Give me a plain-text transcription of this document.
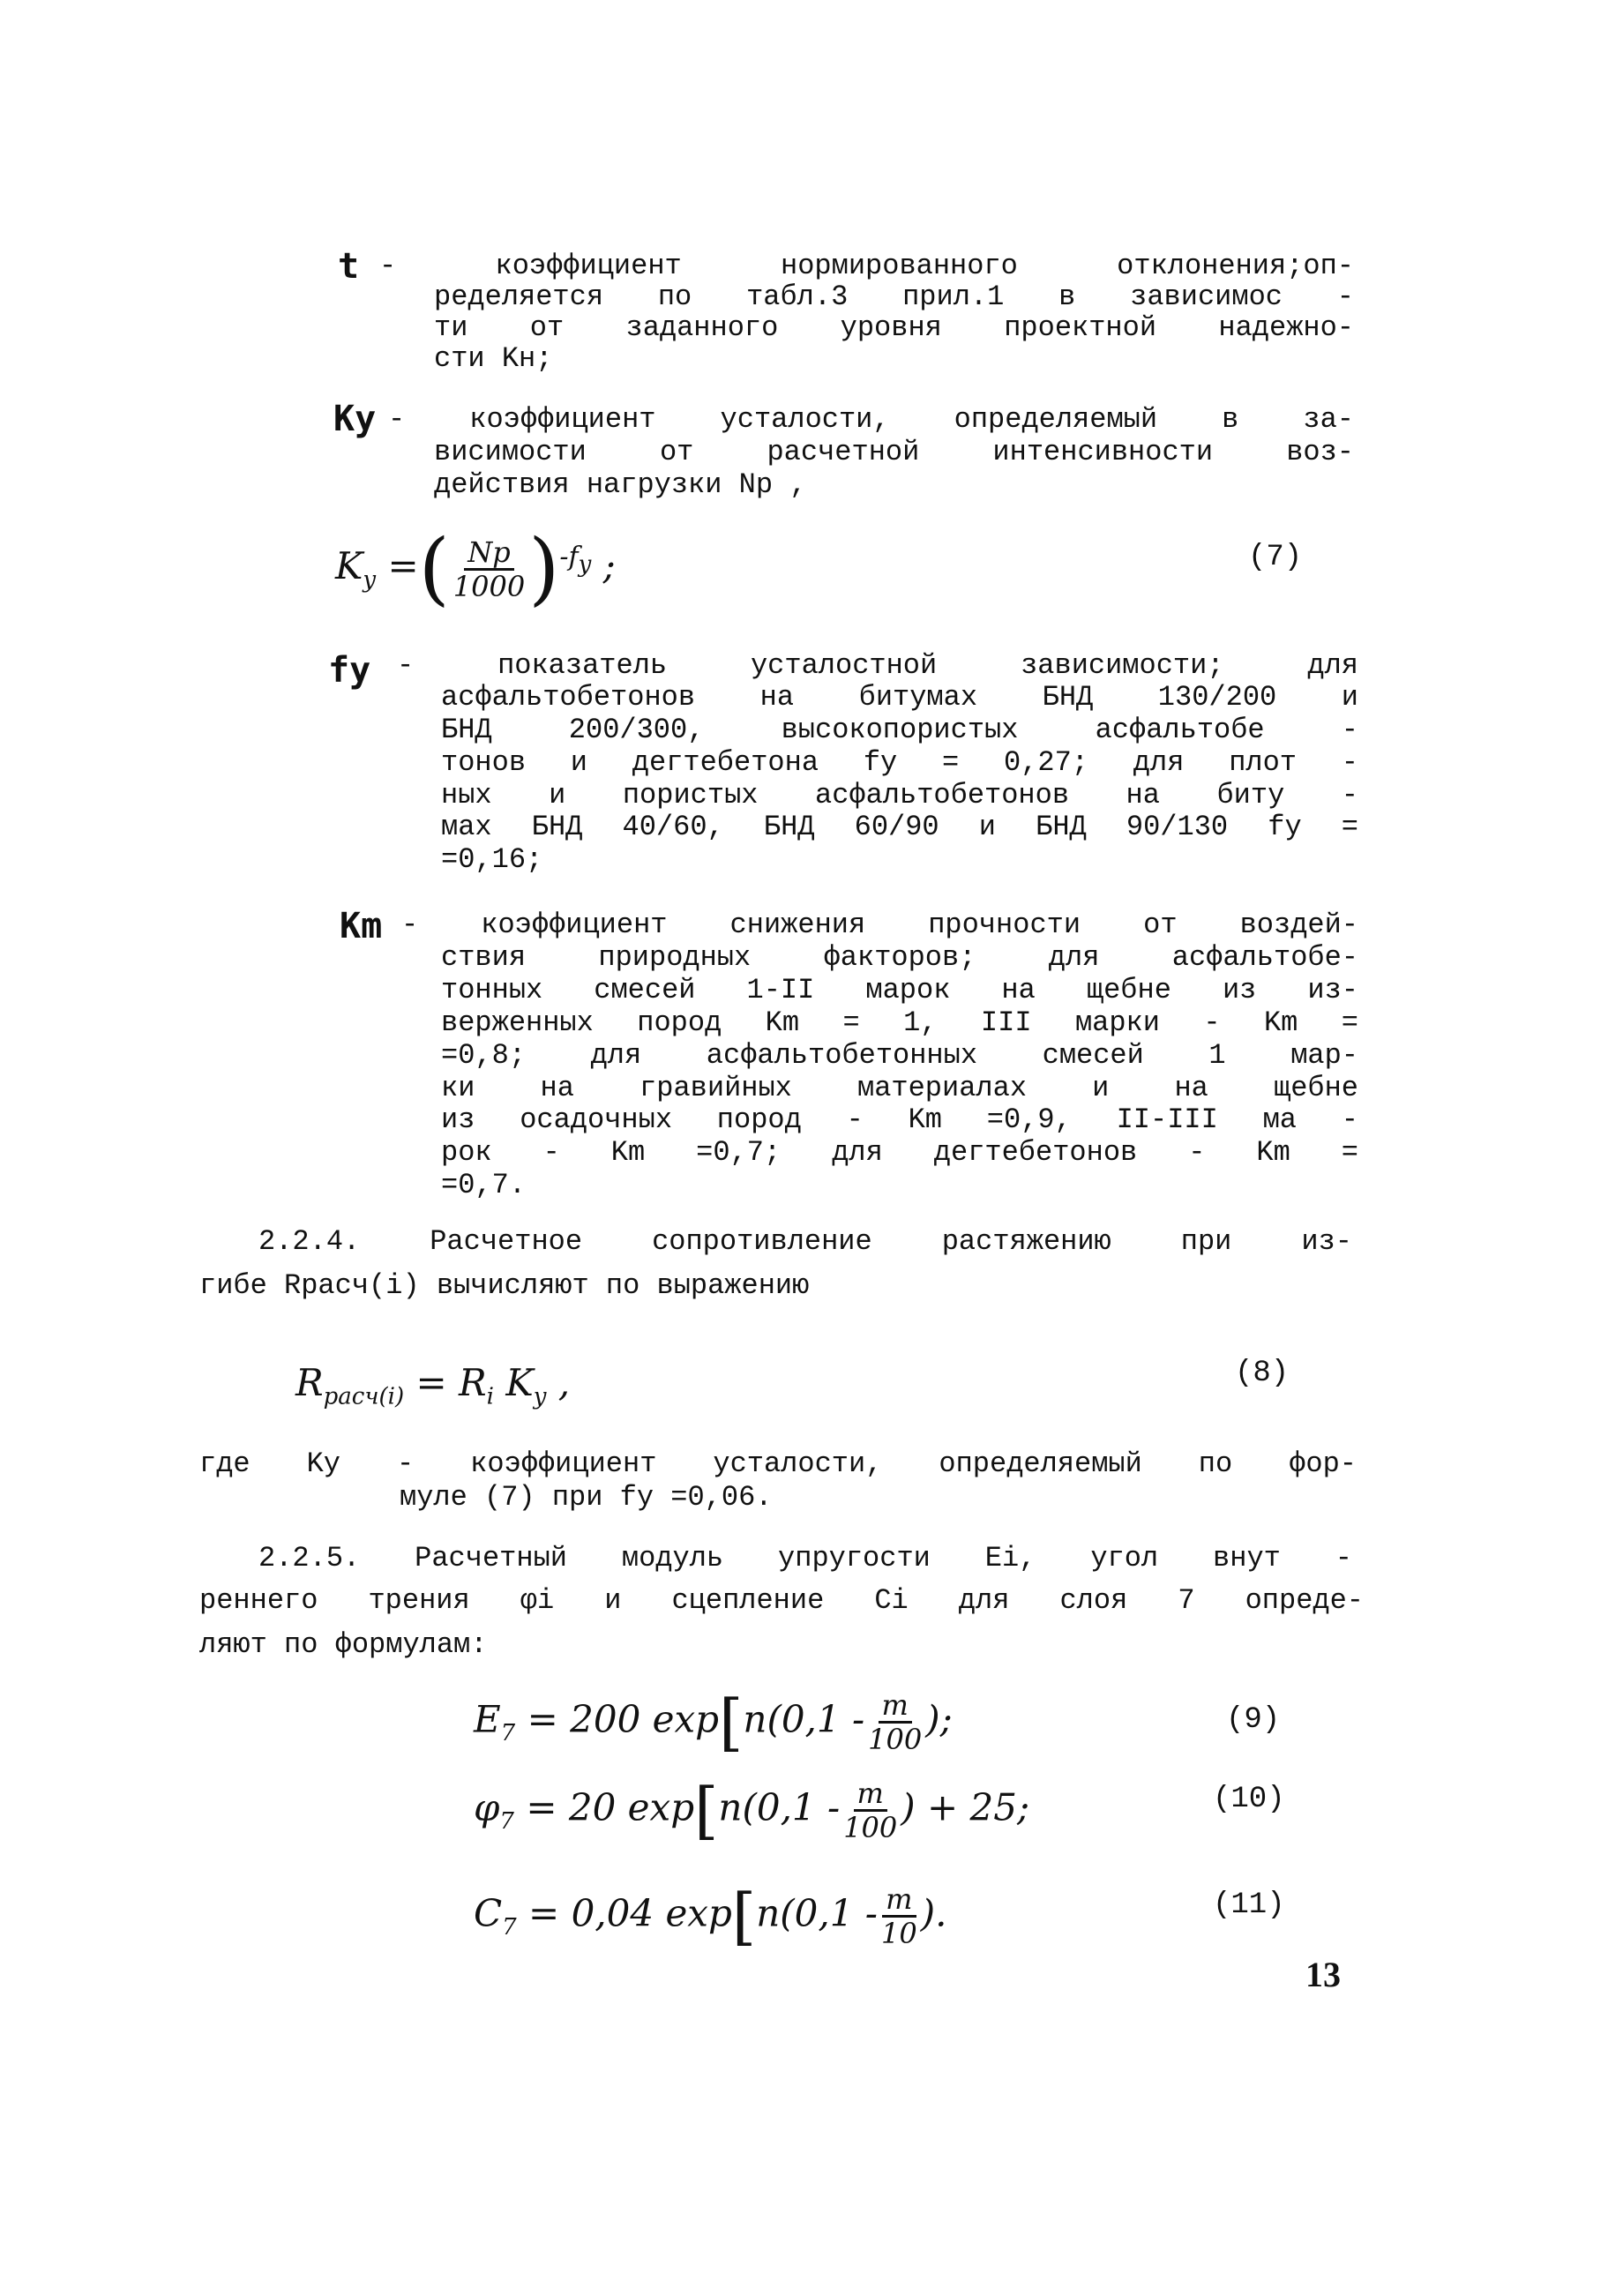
t - коэффициент нормированного отклонения;оп-
ределяется по табл.3 прил.1 в зависимос -
ти от заданного уровня проектной надежно-
сти Kн;
Ky - коэффициент усталости, определяемый в за-
висимости от расчетной интенсивности воз-
действия нагрузки Np ,
$K_y$ =( $\frac{Np}{1000} )^{-f_y}$ ;	(7)
fy - показатель усталостной зависимости; для
асфальтобетонов на битумах БНД 130/200 и
БНД 200/300, высокопористых асфальтобе -
тонов и дегтебетона fy = 0,27; для плот -
ных и пористых асфальтобетонов на биту -
мах БНД 40/60, БНД 60/90 и БНД 90/130 fy =
=0,16;
Km - коэффициент снижения прочности от воздей-
ствия природных факторов; для асфальтобе-
тонных смесей 1-II марок на щебне из из-
верженных пород Km = 1, III марки - Km =
=0,8; для асфальтобетонных смесей 1 мар-
ки на гравийных материалах и на щебне
из осадочных пород - Km =0,9, II-III ма -
рок - Km =0,7; для дегтебетонов - Km =
=0,7.
2.2.4. Расчетное сопротивление растяжению при из-
гибе Rрасч(i) вычисляют по выражению
$R_{расч(i)} = R_i$ $K_y$ ,	(8)
где Ky - коэффициент усталости, определяемый по фор-
муле (7) при fy =0,06.
2.2.5. Расчетный модуль упругости Ei, угол внут -
реннего трения φi и сцепление Ci для слоя 7 опреде-
ляют по формулам:
$E_7 = 200$ $\exp[n(0,1 - \frac{m}{100}$ );	(9)
$\varphi_7 = 20$ $\exp[n(0,1 - \frac{m}{100}$ ) + 25;	(10)
$C_7 = 0,04$ $\exp[n(0,1 - \frac{m}{10}$ ).	(11)
13
